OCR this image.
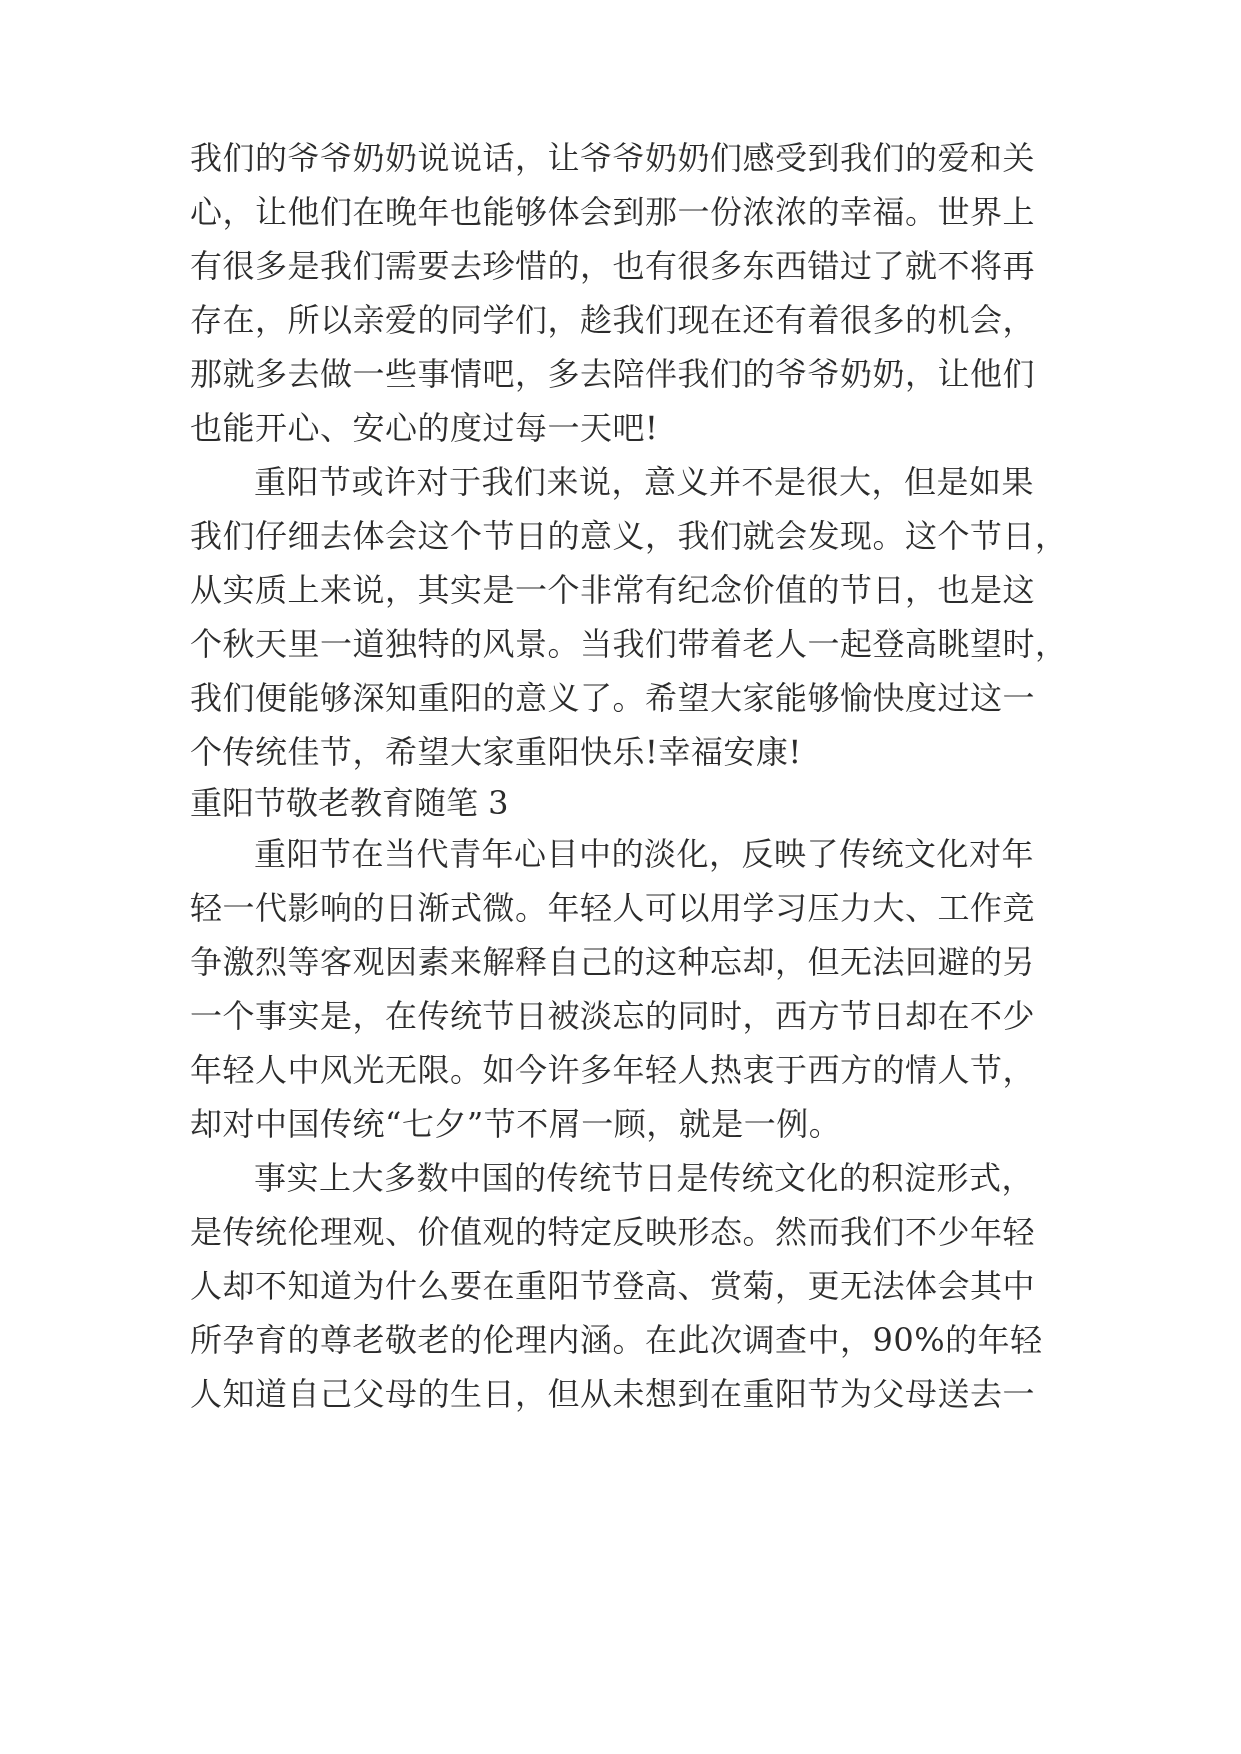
我们的爷爷奶奶说说话，让爷爷奶奶们感受到我们的爱和关
心，让他们在晚年也能够体会到那一份浓浓的幸福。世界上
有很多是我们需要去珍惜的，也有很多东西错过了就不将再
存在，所以亲爱的同学们，趁我们现在还有着很多的机会，
那就多去做一些事情吧，多去陪伴我们的爷爷奶奶，让他们
也能开心、安心的度过每一天吧!
重阳节或许对于我们来说，意义并不是很大，但是如果
我们仔细去体会这个节日的意义，我们就会发现。这个节日，
从实质上来说，其实是一个非常有纪念价值的节日，也是这
个秋天里一道独特的风景。当我们带着老人一起登高眺望时，
我们便能够深知重阳的意义了。希望大家能够愉快度过这一
个传统佳节，希望大家重阳快乐!幸福安康!
重阳节敬老教育随笔 3
重阳节在当代青年心目中的淡化，反映了传统文化对年
轻一代影响的日渐式微。年轻人可以用学习压力大、工作竞
争激烈等客观因素来解释自己的这种忘却，但无法回避的另
一个事实是，在传统节日被淡忘的同时，西方节日却在不少
年轻人中风光无限。如今许多年轻人热衷于西方的情人节，
却对中国传统“七夕”节不屑一顾，就是一例。
事实上大多数中国的传统节日是传统文化的积淀形式，
是传统伦理观、价值观的特定反映形态。然而我们不少年轻
人却不知道为什么要在重阳节登高、赏菊，更无法体会其中
所孕育的尊老敬老的伦理内涵。在此次调查中，90%的年轻
人知道自己父母的生日，但从未想到在重阳节为父母送去一
